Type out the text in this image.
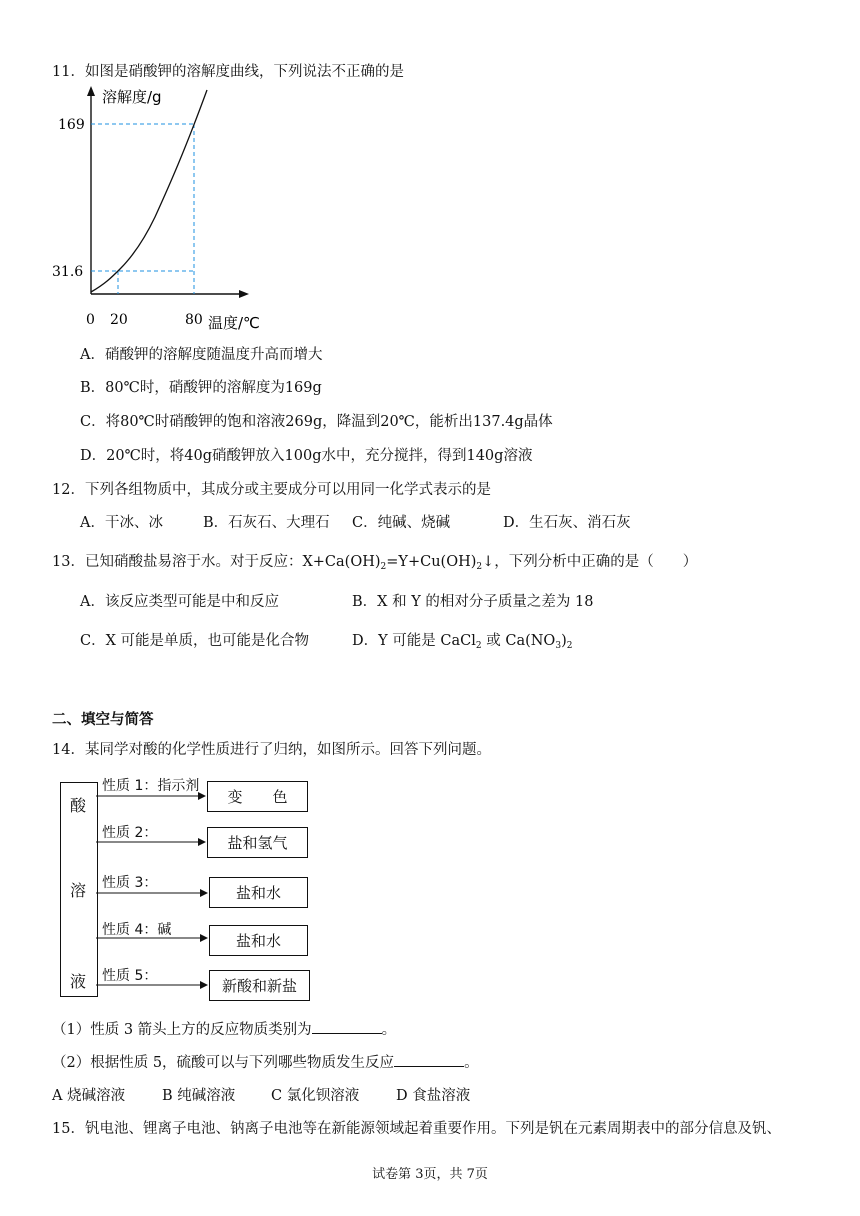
11．如图是硝酸钾的溶解度曲线，下列说法不正确的是
溶解度/g
169
31.6
0 20	80 温度/℃
A．硝酸钾的溶解度随温度升高而增大
B．80℃时，硝酸钾的溶解度为169g
C．将80℃时硝酸钾的饱和溶液269g，降温到20℃，能析出137.4g晶体
D．20℃时，将40g硝酸钾放入100g水中，充分搅拌，得到140g溶液
12．下列各组物质中，其成分或主要成分可以用同一化学式表示的是
A．干冰、冰	B．石灰石、大理石 C．纯碱、烧碱	D．生石灰、消石灰
13．已知硝酸盐易溶于水。对于反应：$X+Ca(OH)_2=Y+Cu(OH)_2↓$，下列分析中正确的是（　　）
A．该反应类型可能是中和反应	B．X 和 Y 的相对分子质量之差为 18
C．X 可能是单质，也可能是化合物	D．Y 可能是 CaCl$_2$ 或 $Ca(NO_3)_2$
二、填空与简答
14．某同学对酸的化学性质进行了归纳，如图所示。回答下列问题。
酸
溶
液
性质 1：指示剂
性质 2：
性质 3：
性质 4：碱
性质 5：
变　　色
盐和氢气
盐和水
盐和水
新酸和新盐
（1）性质 3 箭头上方的反应物质类别为	。
（2）根据性质 5，硫酸可以与下列哪些物质发生反应	。
A 烧碱溶液	B 纯碱溶液 C 氯化钡溶液	D 食盐溶液
15．钒电池、锂离子电池、钠离子电池等在新能源领域起着重要作用。下列是钒在元素周期表中的部分信息及钒、
试卷第 3页，共 7页
